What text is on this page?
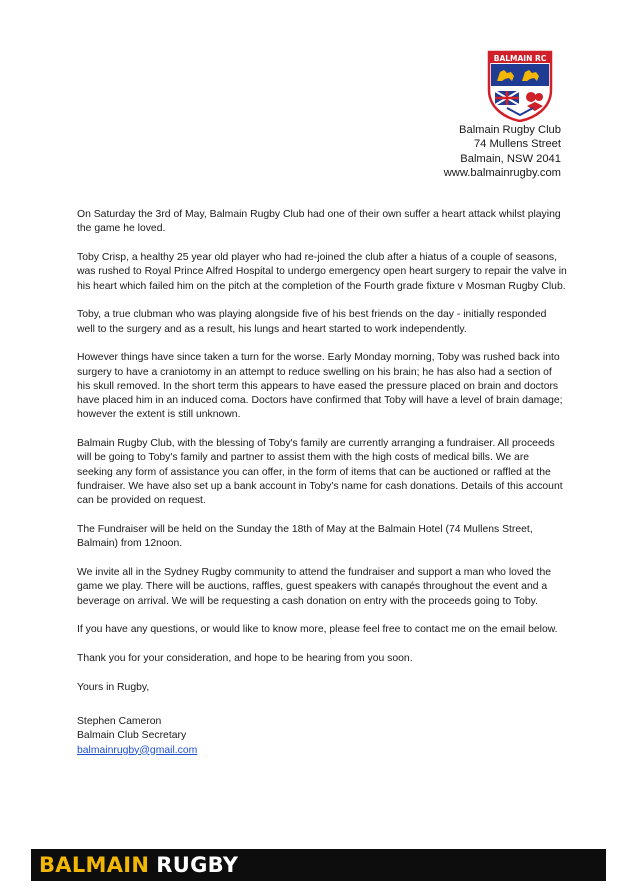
BALMAIN RC
Balmain Rugby Club
74 Mullens Street
Balmain, NSW 2041
www.balmainrugby.com

On Saturday the 3rd of May, Balmain Rugby Club had one of their own suffer a heart attack whilst playing the game he loved.

Toby Crisp, a healthy 25 year old player who had re-joined the club after a hiatus of a couple of seasons, was rushed to Royal Prince Alfred Hospital to undergo emergency open heart surgery to repair the valve in his heart which failed him on the pitch at the completion of the Fourth grade fixture v Mosman Rugby Club.

Toby, a true clubman who was playing alongside five of his best friends on the day - initially responded well to the surgery and as a result, his lungs and heart started to work independently.

However things have since taken a turn for the worse. Early Monday morning, Toby was rushed back into surgery to have a craniotomy in an attempt to reduce swelling on his brain; he has also had a section of his skull removed. In the short term this appears to have eased the pressure placed on brain and doctors have placed him in an induced coma. Doctors have confirmed that Toby will have a level of brain damage; however the extent is still unknown.

Balmain Rugby Club, with the blessing of Toby's family are currently arranging a fundraiser. All proceeds will be going to Toby's family and partner to assist them with the high costs of medical bills. We are seeking any form of assistance you can offer, in the form of items that can be auctioned or raffled at the fundraiser. We have also set up a bank account in Toby's name for cash donations. Details of this account can be provided on request.

The Fundraiser will be held on the Sunday the 18th of May at the Balmain Hotel (74 Mullens Street, Balmain) from 12noon.

We invite all in the Sydney Rugby community to attend the fundraiser and support a man who loved the game we play. There will be auctions, raffles, guest speakers with canapés throughout the event and a beverage on arrival. We will be requesting a cash donation on entry with the proceeds going to Toby.

If you have any questions, or would like to know more, please feel free to contact me on the email below.

Thank you for your consideration, and hope to be hearing from you soon.

Yours in Rugby,

Stephen Cameron
Balmain Club Secretary
balmainrugby@gmail.com
BALMAIN RUGBY
